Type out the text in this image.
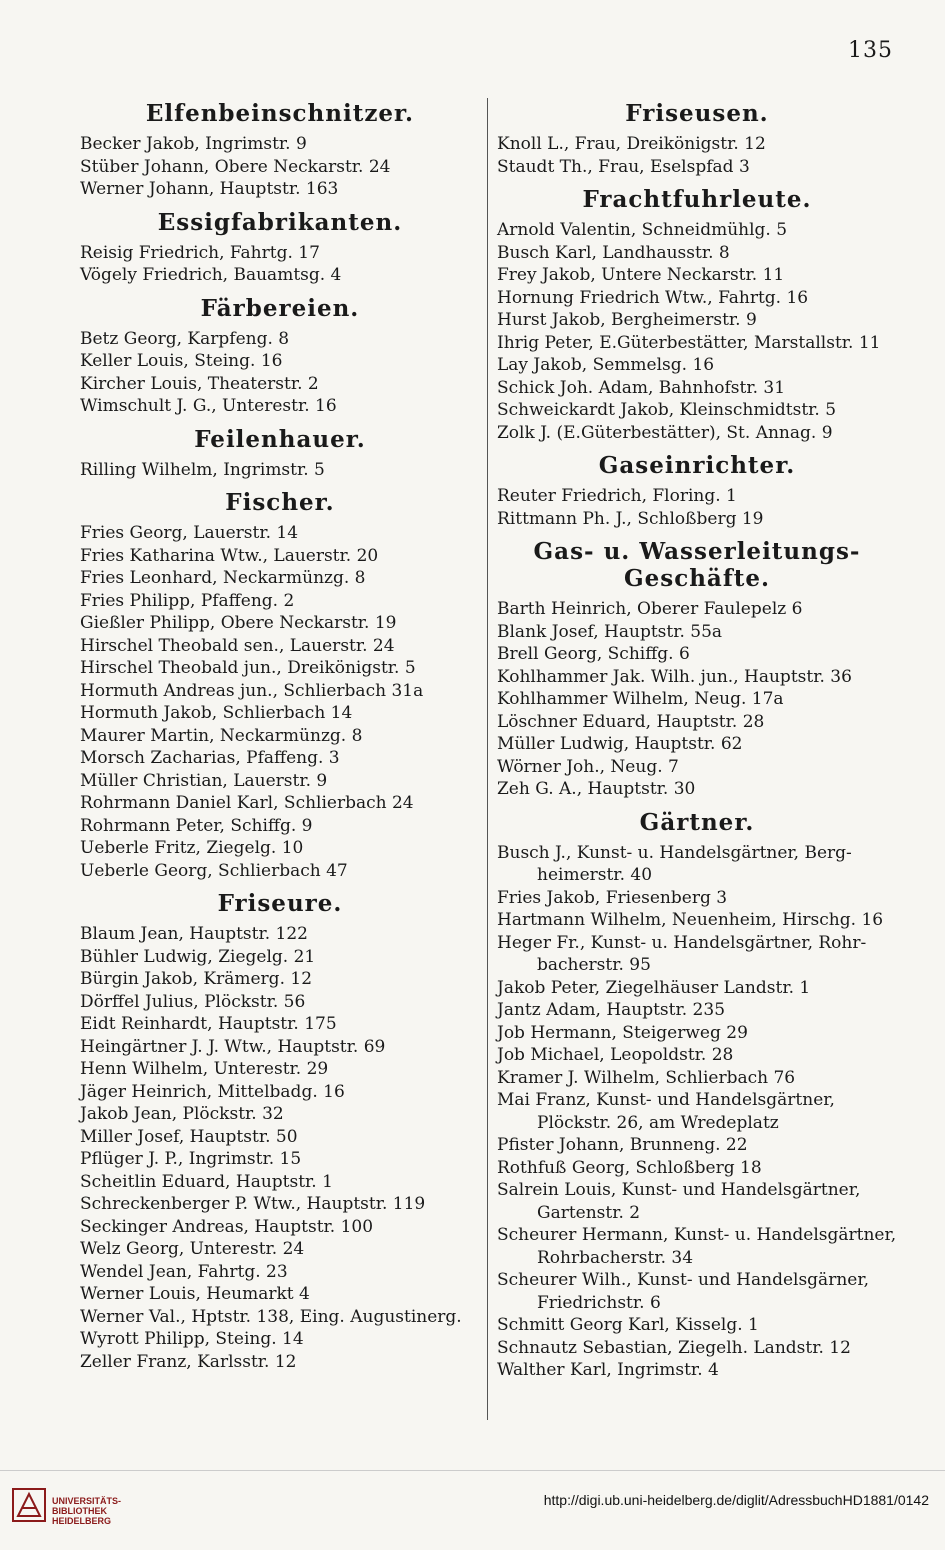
135
Elfenbeinschnitzer.
Becker Jakob, Ingrimstr. 9
Stüber Johann, Obere Neckarstr. 24
Werner Johann, Hauptstr. 163
Essigfabrikanten.
Reisig Friedrich, Fahrtg. 17
Vögely Friedrich, Bauamtsg. 4
Färbereien.
Betz Georg, Karpfeng. 8
Keller Louis, Steing. 16
Kircher Louis, Theaterstr. 2
Wimschult J. G., Unterestr. 16
Feilenhauer.
Rilling Wilhelm, Ingrimstr. 5
Fischer.
Fries Georg, Lauerstr. 14
Fries Katharina Wtw., Lauerstr. 20
Fries Leonhard, Neckarmünzg. 8
Fries Philipp, Pfaffeng. 2
Gießler Philipp, Obere Neckarstr. 19
Hirschel Theobald sen., Lauerstr. 24
Hirschel Theobald jun., Dreikönigstr. 5
Hormuth Andreas jun., Schlierbach 31a
Hormuth Jakob, Schlierbach 14
Maurer Martin, Neckarmünzg. 8
Morsch Zacharias, Pfaffeng. 3
Müller Christian, Lauerstr. 9
Rohrmann Daniel Karl, Schlierbach 24
Rohrmann Peter, Schiffg. 9
Ueberle Fritz, Ziegelg. 10
Ueberle Georg, Schlierbach 47
Friseure.
Blaum Jean, Hauptstr. 122
Bühler Ludwig, Ziegelg. 21
Bürgin Jakob, Krämerg. 12
Dörffel Julius, Plöckstr. 56
Eidt Reinhardt, Hauptstr. 175
Heingärtner J. J. Wtw., Hauptstr. 69
Henn Wilhelm, Unterestr. 29
Jäger Heinrich, Mittelbadg. 16
Jakob Jean, Plöckstr. 32
Miller Josef, Hauptstr. 50
Pflüger J. P., Ingrimstr. 15
Scheitlin Eduard, Hauptstr. 1
Schreckenberger P. Wtw., Hauptstr. 119
Seckinger Andreas, Hauptstr. 100
Welz Georg, Unterestr. 24
Wendel Jean, Fahrtg. 23
Werner Louis, Heumarkt 4
Werner Val., Hptstr. 138, Eing. Augustinerg.
Wyrott Philipp, Steing. 14
Zeller Franz, Karlsstr. 12
Friseusen.
Knoll L., Frau, Dreikönigstr. 12
Staudt Th., Frau, Eselspfad 3
Frachtfuhrleute.
Arnold Valentin, Schneidmühlg. 5
Busch Karl, Landhausstr. 8
Frey Jakob, Untere Neckarstr. 11
Hornung Friedrich Wtw., Fahrtg. 16
Hurst Jakob, Bergheimerstr. 9
Ihrig Peter, E.Güterbestätter, Marstallstr. 11
Lay Jakob, Semmelsg. 16
Schick Joh. Adam, Bahnhofstr. 31
Schweickardt Jakob, Kleinschmidtstr. 5
Zolk J. (E.Güterbestätter), St. Annag. 9
Gaseinrichter.
Reuter Friedrich, Floring. 1
Rittmann Ph. J., Schloßberg 19
Gas- u. Wasserleitungs-Geschäfte.
Barth Heinrich, Oberer Faulepelz 6
Blank Josef, Hauptstr. 55a
Brell Georg, Schiffg. 6
Kohlhammer Jak. Wilh. jun., Hauptstr. 36
Kohlhammer Wilhelm, Neug. 17a
Löschner Eduard, Hauptstr. 28
Müller Ludwig, Hauptstr. 62
Wörner Joh., Neug. 7
Zeh G. A., Hauptstr. 30
Gärtner.
Busch J., Kunst- u. Handelsgärtner, Berg-
heimerstr. 40
Fries Jakob, Friesenberg 3
Hartmann Wilhelm, Neuenheim, Hirschg. 16
Heger Fr., Kunst- u. Handelsgärtner, Rohr-
bacherstr. 95
Jakob Peter, Ziegelhäuser Landstr. 1
Jantz Adam, Hauptstr. 235
Job Hermann, Steigerweg 29
Job Michael, Leopoldstr. 28
Kramer J. Wilhelm, Schlierbach 76
Mai Franz, Kunst- und Handelsgärtner,
Plöckstr. 26, am Wredeplatz
Pfister Johann, Brunneng. 22
Rothfuß Georg, Schloßberg 18
Salrein Louis, Kunst- und Handelsgärtner,
Gartenstr. 2
Scheurer Hermann, Kunst- u. Handelsgärtner,
Rohrbacherstr. 34
Scheurer Wilh., Kunst- und Handelsgärner,
Friedrichstr. 6
Schmitt Georg Karl, Kisselg. 1
Schnautz Sebastian, Ziegelh. Landstr. 12
Walther Karl, Ingrimstr. 4
UNIVERSITÄTS-
BIBLIOTHEK
HEIDELBERG
http://digi.ub.uni-heidelberg.de/diglit/AdressbuchHD1881/0142
